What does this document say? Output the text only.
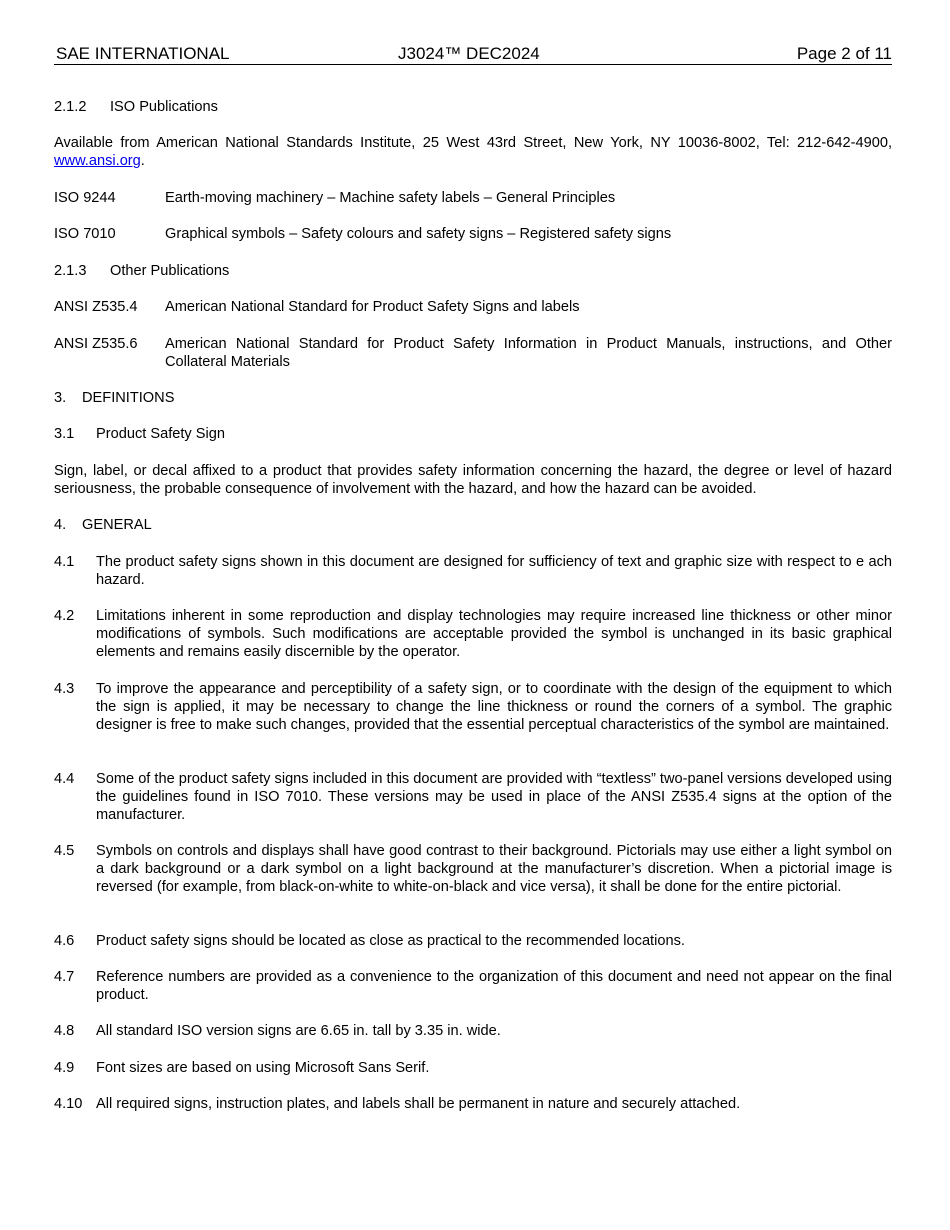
SAE INTERNATIONAL	J3024™ DEC2024	Page 2 of 11
2.1.2 ISO Publications
Available from American National Standards Institute, 25 West 43rd Street, New York, NY 10036-8002, Tel: 212-642-4900, www.ansi.org.
ISO 9244	Earth-moving machinery – Machine safety labels – General Principles
ISO 7010	Graphical symbols – Safety colours and safety signs – Registered safety signs
2.1.3 Other Publications
ANSI Z535.4 American National Standard for Product Safety Signs and labels
ANSI Z535.6 American National Standard for Product Safety Information in Product Manuals, instructions, and Other Collateral Materials
3. DEFINITIONS
3.1 Product Safety Sign
Sign, label, or decal affixed to a product that provides safety information concerning the hazard, the degree or level of hazard seriousness, the probable consequence of involvement with the hazard, and how the hazard can be avoided.
4. GENERAL
4.1 The product safety signs shown in this document are designed for sufficiency of text and graphic size with respect to e ach hazard.
4.2 Limitations inherent in some reproduction and display technologies may require increased line thickness or other minor modifications of symbols. Such modifications are acceptable provided the symbol is unchanged in its basic graphical elements and remains easily discernible by the operator.
4.3 To improve the appearance and perceptibility of a safety sign, or to coordinate with the design of the equipment to which the sign is applied, it may be necessary to change the line thickness or round the corners of a symbol. The graphic designer is free to make such changes, provided that the essential perceptual characteristics of the symbol are maintained.
4.4 Some of the product safety signs included in this document are provided with “textless” two-panel versions developed using the guidelines found in ISO 7010. These versions may be used in place of the ANSI Z535.4 signs at the option of the manufacturer.
4.5 Symbols on controls and displays shall have good contrast to their background. Pictorials may use either a light symbol on a dark background or a dark symbol on a light background at the manufacturer’s discretion. When a pictorial image is reversed (for example, from black-on-white to white-on-black and vice versa), it shall be done for the entire pictorial.
4.6 Product safety signs should be located as close as practical to the recommended locations.
4.7 Reference numbers are provided as a convenience to the organization of this document and need not appear on the final product.
4.8 All standard ISO version signs are 6.65 in. tall by 3.35 in. wide.
4.9 Font sizes are based on using Microsoft Sans Serif.
4.10 All required signs, instruction plates, and labels shall be permanent in nature and securely attached.
